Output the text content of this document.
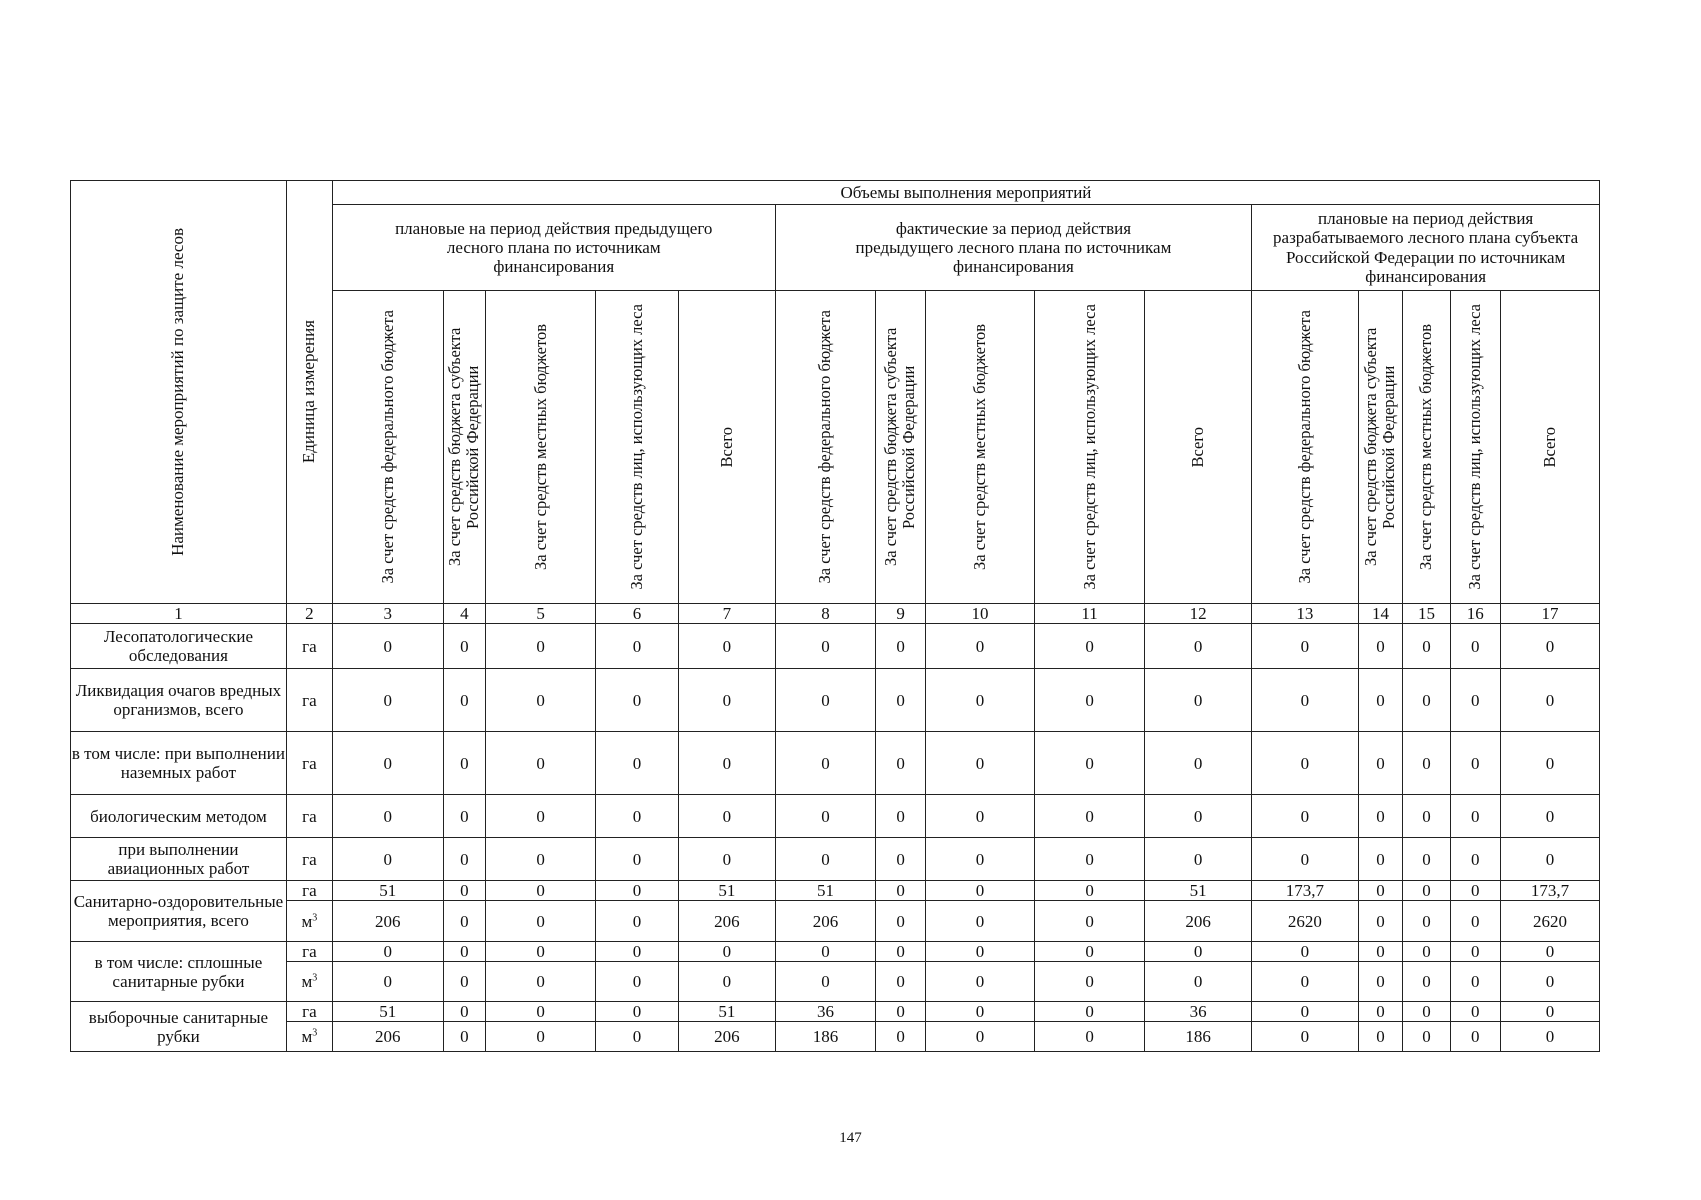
Наименование мероприятий по защите лесов	Единица измерения	Объемы выполнения мероприятий														
		плановые на период действия предыдущего лесного плана по источникам финансирования					фактические за период действия предыдущего лесного плана по источникам финансирования					плановые на период действия разрабатываемого лесного плана субъекта Российской Федерации по источникам финансирования				

		За счет средств федерального бюджета	За счет средств бюджета субъекта Российской Федерации	За счет средств местных бюджетов	За счет средств лиц, использующих леса	Всего	За счет средств федерального бюджета	За счет средств бюджета субъекта Российской Федерации	За счет средств местных бюджетов	За счет средств лиц, использующих леса	Всего	За счет средств федерального бюджета	За счет средств бюджета субъекта Российской Федерации	За счет средств местных бюджетов	За счет средств лиц, использующих леса	Всего

1	2	3	4	5	6	7	8	9	10	11	12	13	14	15	16	17
Лесопатологические обследования	га	0	0	0	0	0	0	0	0	0	0	0	0	0	0	0
Ликвидация очагов вредных организмов, всего	га	0	0	0	0	0	0	0	0	0	0	0	0	0	0	0
в том числе: при выполнении наземных работ	га	0	0	0	0	0	0	0	0	0	0	0	0	0	0	0
биологическим методом	га	0	0	0	0	0	0	0	0	0	0	0	0	0	0	0
при выполнении авиационных работ	га	0	0	0	0	0	0	0	0	0	0	0	0	0	0	0
Санитарно-оздоровительные мероприятия, всего	га	51	0	0	0	51	51	0	0	0	51	173,7	0	0	0	173,7
	$м^3$	206	0	0	0	206	206	0	0	0	206	2620	0	0	0	2620
в том числе: сплошные санитарные рубки	га	0	0	0	0	0	0	0	0	0	0	0	0	0	0	0
	$м^3$	0	0	0	0	0	0	0	0	0	0	0	0	0	0	0
выборочные санитарные рубки	га	51	0	0	0	51	36	0	0	0	36	0	0	0	0	0
	$м^3$	206	0	0	0	206	186	0	0	0	186	0	0	0	0	0
147
